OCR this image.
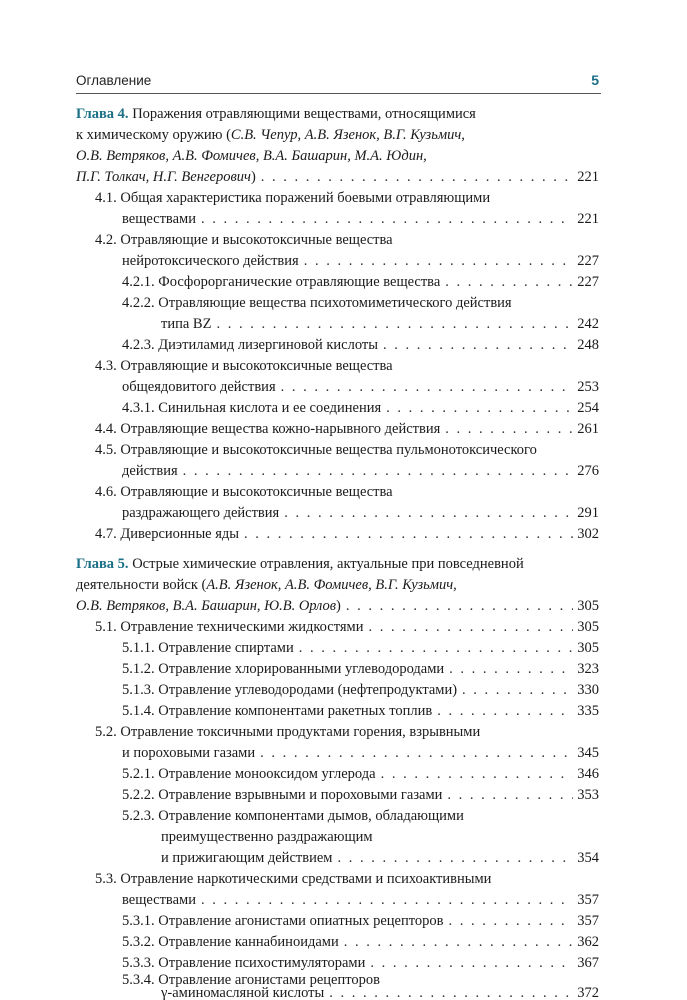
Оглавление	5
Глава 4.
Поражения отравляющими веществами, относящимися
к химическому оружию ( С.В. Чепур, А.В. Язенок, В.Г. Кузьмич,
О.В. Ветряков, А.В. Фомичев, В.А. Башарин, М.А. Юдин,
П.Г. Толкач, Н.Г. Венгерович ) . . .	221
4.1. Общая характеристика поражений боевыми отравляющими
веществами . . .	221
4.2. Отравляющие и высокотоксичные вещества
нейротоксического действия . . .	227
4.2.1. Фосфорорганические отравляющие вещества . . .	227
4.2.2. Отравляющие вещества психотомиметического действия
типа BZ . . .	242
4.2.3. Диэтиламид лизергиновой кислоты . . .	248
4.3. Отравляющие и высокотоксичные вещества
общеядовитого действия . . .	253
4.3.1. Синильная кислота и ее соединения . . .	254
4.4. Отравляющие вещества кожно-нарывного действия . . .	261
4.5. Отравляющие и высокотоксичные вещества пульмонотоксического
действия . . .	276
4.6. Отравляющие и высокотоксичные вещества
раздражающего действия . . .	291
4.7. Диверсионные яды . . .	302
Глава 5.
Острые химические отравления, актуальные при повседневной
деятельности войск ( А.В. Язенок, А.В. Фомичев, В.Г. Кузьмич,
О.В. Ветряков, В.А. Башарин, Ю.В. Орлов ) . . .	305
5.1. Отравление техническими жидкостями . . .	305
5.1.1. Отравление спиртами . . .	305
5.1.2. Отравление хлорированными углеводородами . . .	323
5.1.3. Отравление углеводородами (нефтепродуктами) . . .	330
5.1.4. Отравление компонентами ракетных топлив . . .	335
5.2. Отравление токсичными продуктами горения, взрывными
и пороховыми газами . . .	345
5.2.1. Отравление монооксидом углерода . . .	346
5.2.2. Отравление взрывными и пороховыми газами . . .	353
5.2.3. Отравление компонентами дымов, обладающими
преимущественно раздражающим
и прижигающим действием . . .	354
5.3. Отравление наркотическими средствами и психоактивными
веществами . . .	357
5.3.1. Отравление агонистами опиатных рецепторов . . .	357
5.3.2. Отравление каннабиноидами . . .	362
5.3.3. Отравление психостимуляторами . . .	367
5.3.4. Отравление агонистами рецепторов
γ-аминомасляной кислоты . . .	372
